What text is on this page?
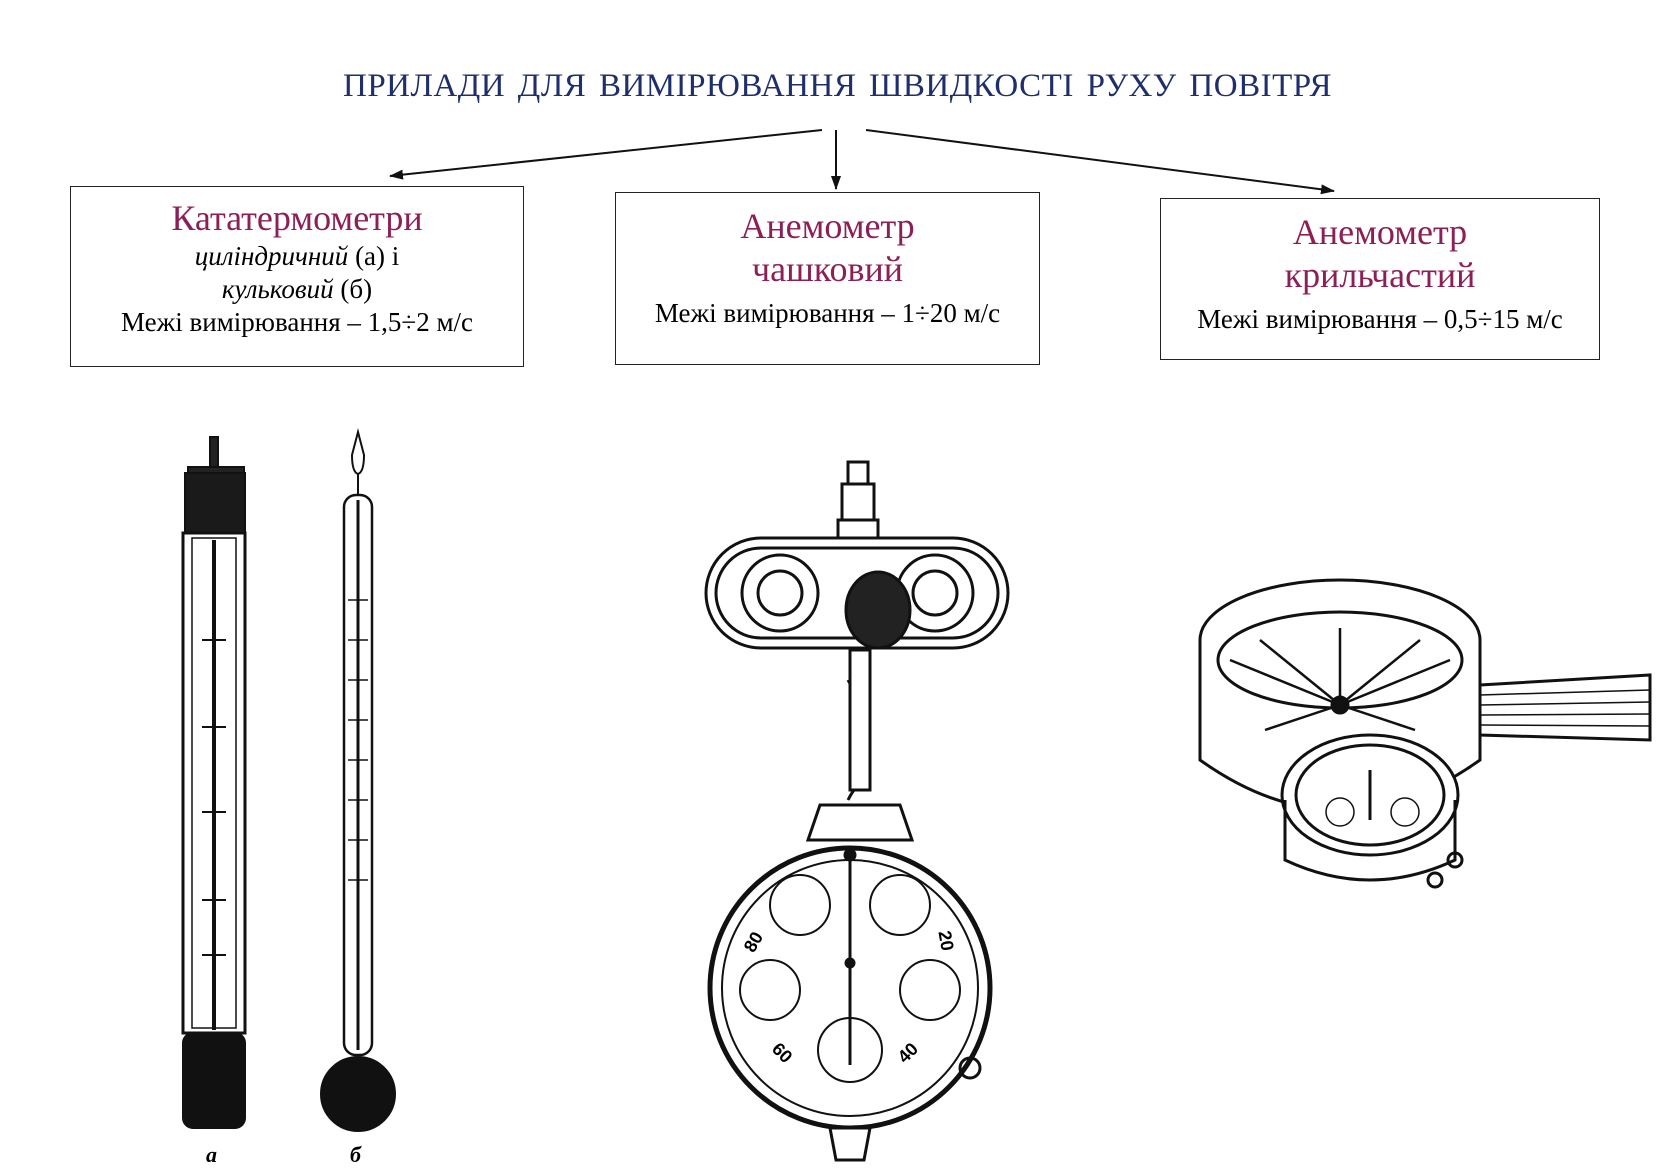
ПРИЛАДИ ДЛЯ ВИМІРЮВАННЯ ШВИДКОСТІ РУХУ ПОВІТРЯ
Кататермометри
циліндричний (а) і
кульковий (б)
Межі вимірювання – 1,5÷2 м/с
Анемометр
чашковий
Межі вимірювання – 1÷20 м/с
Анемометр
крильчастий
Межі вимірювання – 0,5÷15 м/с
а	б
80	20
60	40
